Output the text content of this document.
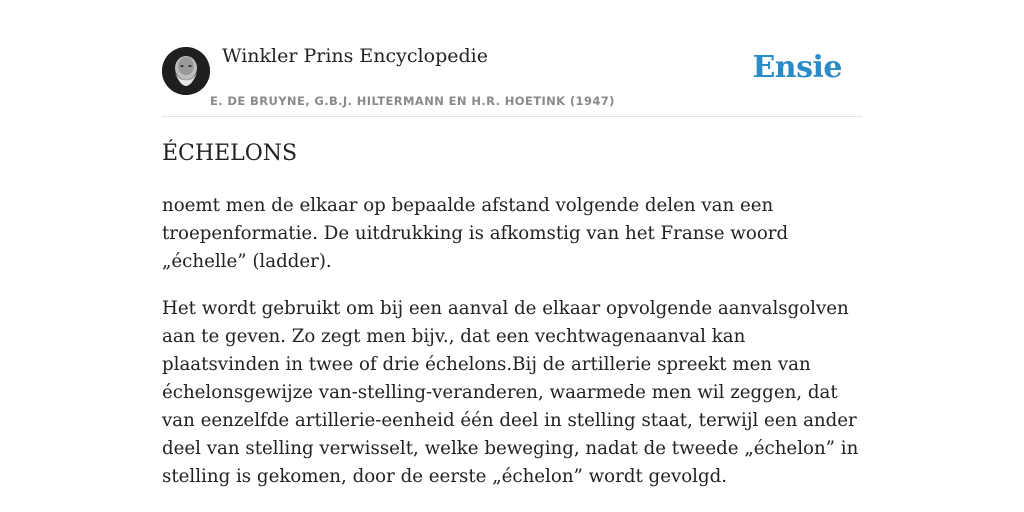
Winkler Prins Encyclopedie
E. DE BRUYNE, G.B.J. HILTERMANN EN H.R. HOETINK (1947)
Ensie
ÉCHELONS

noemt men de elkaar op bepaalde afstand volgende delen van een troepenformatie. De uitdrukking is afkomstig van het Franse woord „échelle” (ladder).

Het wordt gebruikt om bij een aanval de elkaar opvolgende aanvalsgolven aan te geven. Zo zegt men bijv., dat een vechtwagenaanval kan plaatsvinden in twee of drie échelons.Bij de artillerie spreekt men van échelonsgewijze van-stelling-veranderen, waarmede men wil zeggen, dat van eenzelfde artillerie-eenheid één deel in stelling staat, terwijl een ander deel van stelling verwisselt, welke beweging, nadat de tweede „échelon” in stelling is gekomen, door de eerste „échelon” wordt gevolgd.
